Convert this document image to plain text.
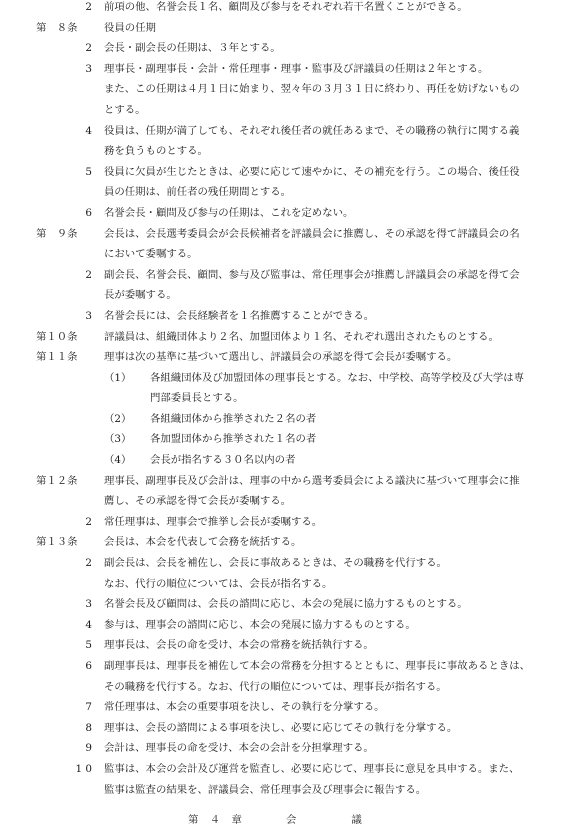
2	前項の他、名誉会長１名、顧問及び参与をそれぞれ若干名置くことができる。
第　８条	役員の任期
2	会長・副会長の任期は、３年とする。
3	理事長・副理事長・会計・常任理事・理事・監事及び評議員の任期は２年とする。
また、この任期は４月１日に始まり、翌々年の３月３１日に終わり、再任を妨げないもの
とする。
4	役員は、任期が満了しても、それぞれ後任者の就任あるまで、その職務の執行に関する義
務を負うものとする。
5	役員に欠員が生じたときは、必要に応じて速やかに、その補充を行う。この場合、後任役
員の任期は、前任者の残任期間とする。
6	名誉会長・顧問及び参与の任期は、これを定めない。
第　９条	会長は、会長選考委員会が会長候補者を評議員会に推薦し、その承認を得て評議員会の名
において委嘱する。
2	副会長、名誉会長、顧問、参与及び監事は、常任理事会が推薦し評議員会の承認を得て会
長が委嘱する。
3	名誉会長には、会長経験者を１名推薦することができる。
第１０条	評議員は、組織団体より２名、加盟団体より１名、それぞれ選出されたものとする。
第１１条	理事は次の基準に基づいて選出し、評議員会の承認を得て会長が委嘱する。
（1）	各組織団体及び加盟団体の理事長とする。なお、中学校、高等学校及び大学は専
門部委員長とする。
（2）	各組織団体から推挙された２名の者
（3）	各加盟団体から推挙された１名の者
（4）	会長が指名する３０名以内の者
第１２条	理事長、副理事長及び会計は、理事の中から選考委員会による議決に基づいて理事会に推
薦し、その承認を得て会長が委嘱する。
2	常任理事は、理事会で推挙し会長が委嘱する。
第１３条	会長は、本会を代表して会務を統括する。
2	副会長は、会長を補佐し、会長に事故あるときは、その職務を代行する。
なお、代行の順位については、会長が指名する。
3	名誉会長及び顧問は、会長の諮問に応じ、本会の発展に協力するものとする。
4	参与は、理事会の諮問に応じ、本会の発展に協力するものとする。
5	理事長は、会長の命を受け、本会の常務を統括執行する。
6	副理事長は、理事長を補佐して本会の常務を分担するとともに、理事長に事故あるときは、
その職務を代行する。なお、代行の順位については、理事長が指名する。
7	常任理事は、本会の重要事項を決し、その執行を分掌する。
8	理事は、会長の諮問による事項を決し、必要に応じてその執行を分掌する。
9	会計は、理事長の命を受け、本会の会計を分担掌理する。
1 0	監事は、本会の会計及び運営を監査し、必要に応じて、理事長に意見を具申する。また、
監事は監査の結果を、評議員会、常任理事会及び理事会に報告する。
第　４　章　　　　会　　　　　議
